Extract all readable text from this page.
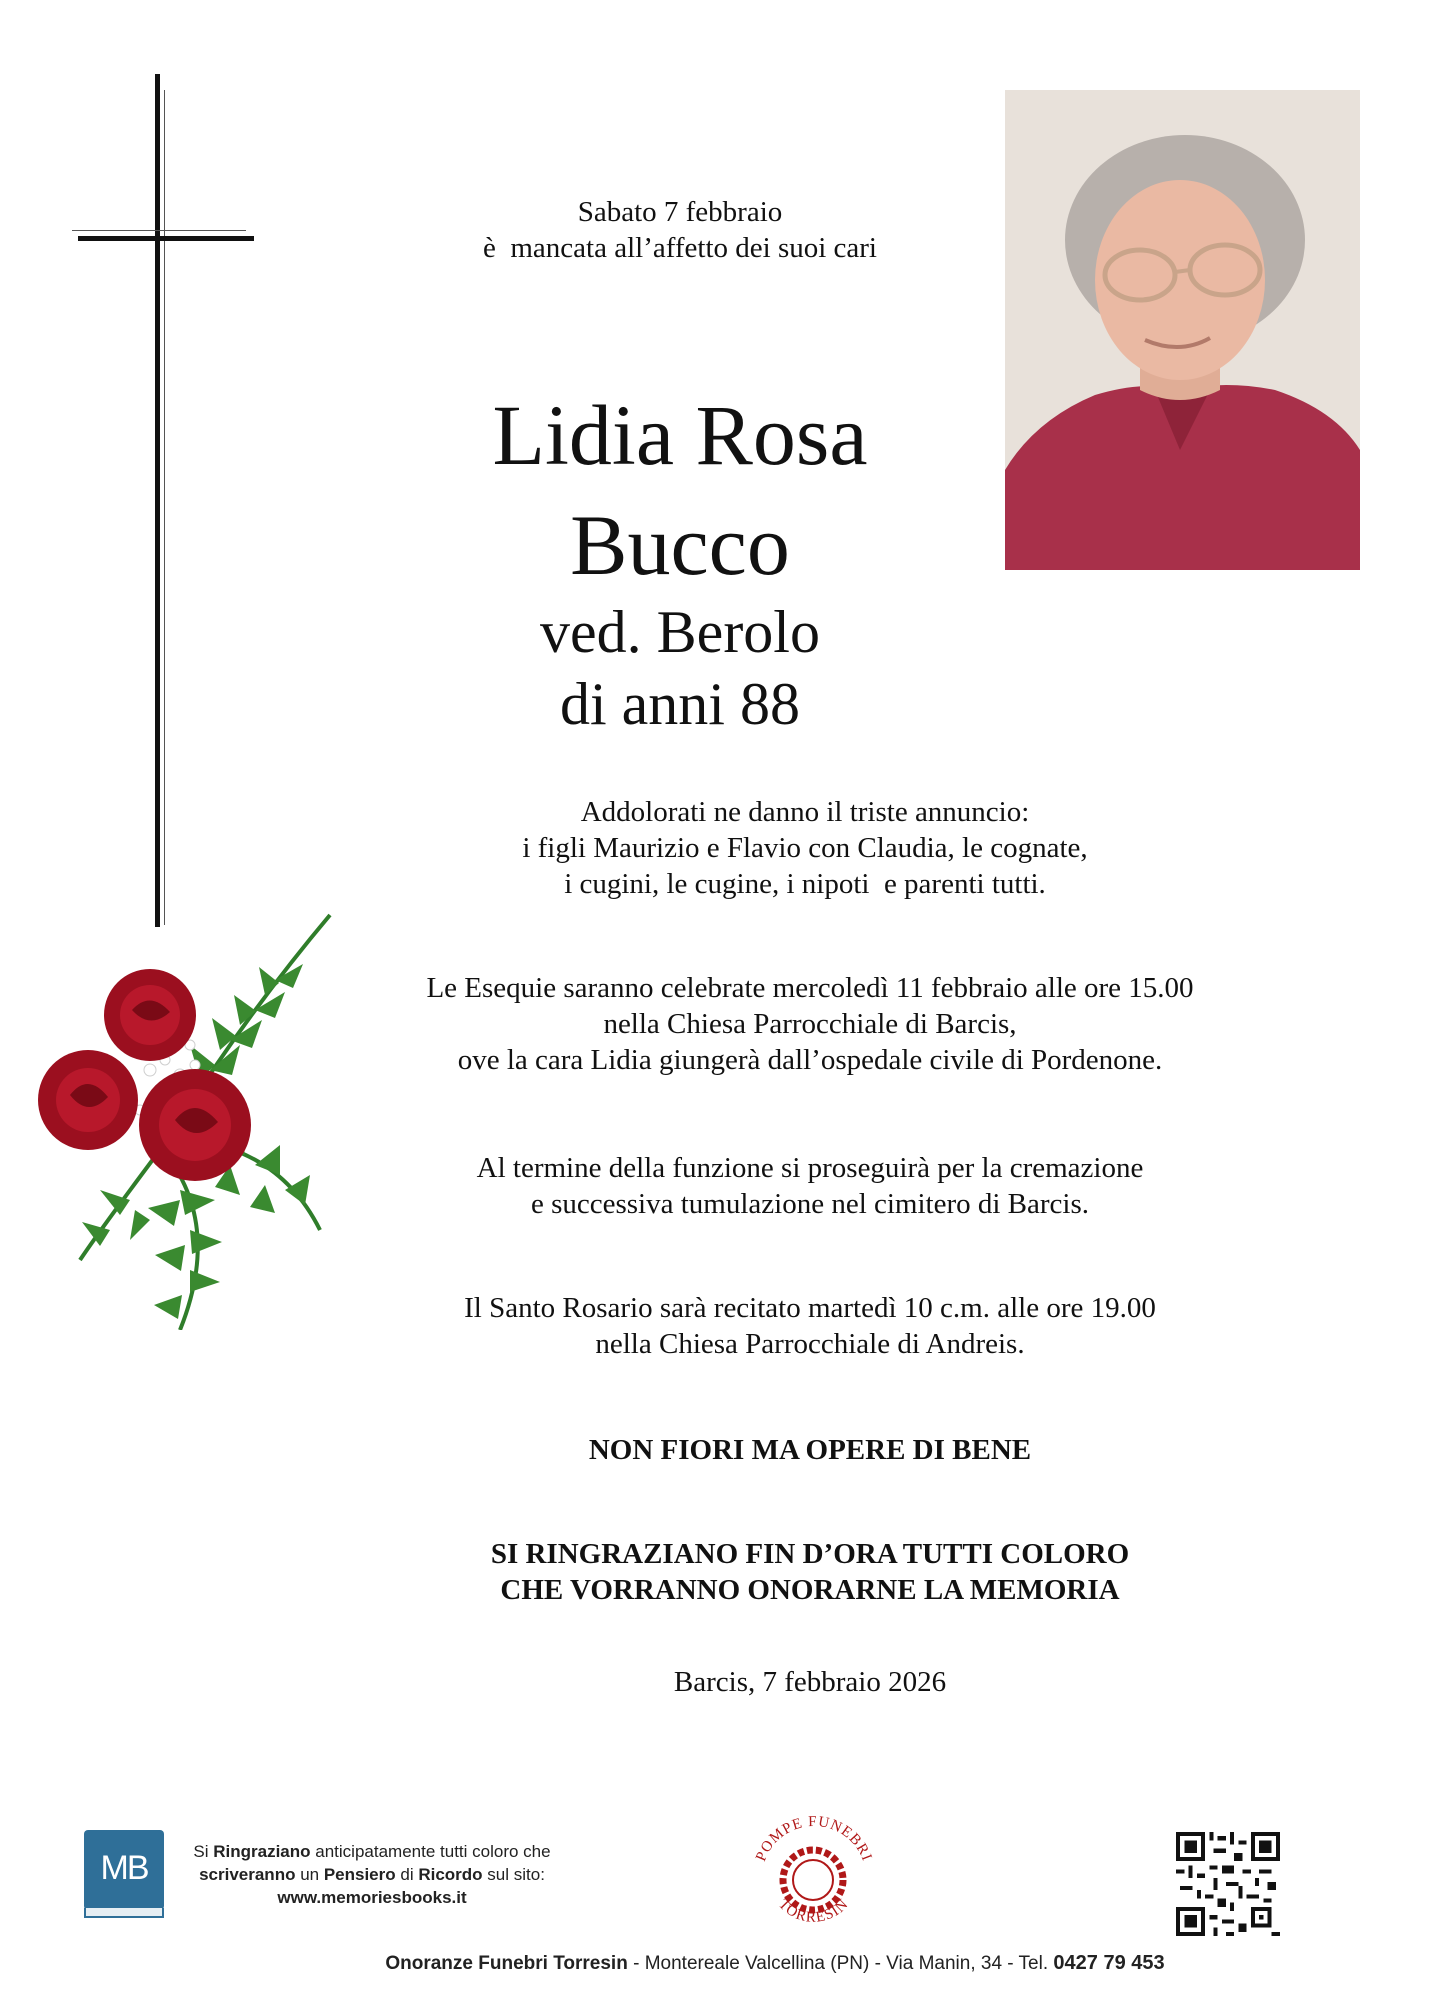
Sabato 7 febbraio
è  mancata all’affetto dei suoi cari
Lidia Rosa
Bucco
ved. Berolo
di anni 88
Addolorati ne danno il triste annuncio:
i figli Maurizio e Flavio con Claudia, le cognate,
i cugini, le cugine, i nipoti  e parenti tutti.
Le Esequie saranno celebrate mercoledì 11 febbraio alle ore 15.00
nella Chiesa Parrocchiale di Barcis,
ove la cara Lidia giungerà dall’ospedale civile di Pordenone.
Al termine della funzione si proseguirà per la cremazione
e successiva tumulazione nel cimitero di Barcis.
Il Santo Rosario sarà recitato martedì 10 c.m. alle ore 19.00
nella Chiesa Parrocchiale di Andreis.
NON FIORI MA OPERE DI BENE
SI RINGRAZIANO FIN D’ORA TUTTI COLORO
CHE VORRANNO ONORARNE LA MEMORIA
Barcis, 7 febbraio 2026
MB	Si Ringraziano anticipatamente tutti coloro che
scriveranno un Pensiero di Ricordo sul sito:
www.memoriesbooks.it
POMPE FUNEBRI
TORRESIN
Onoranze Funebri Torresin - Montereale Valcellina (PN) - Via Manin, 34 - Tel. 0427 79 453
